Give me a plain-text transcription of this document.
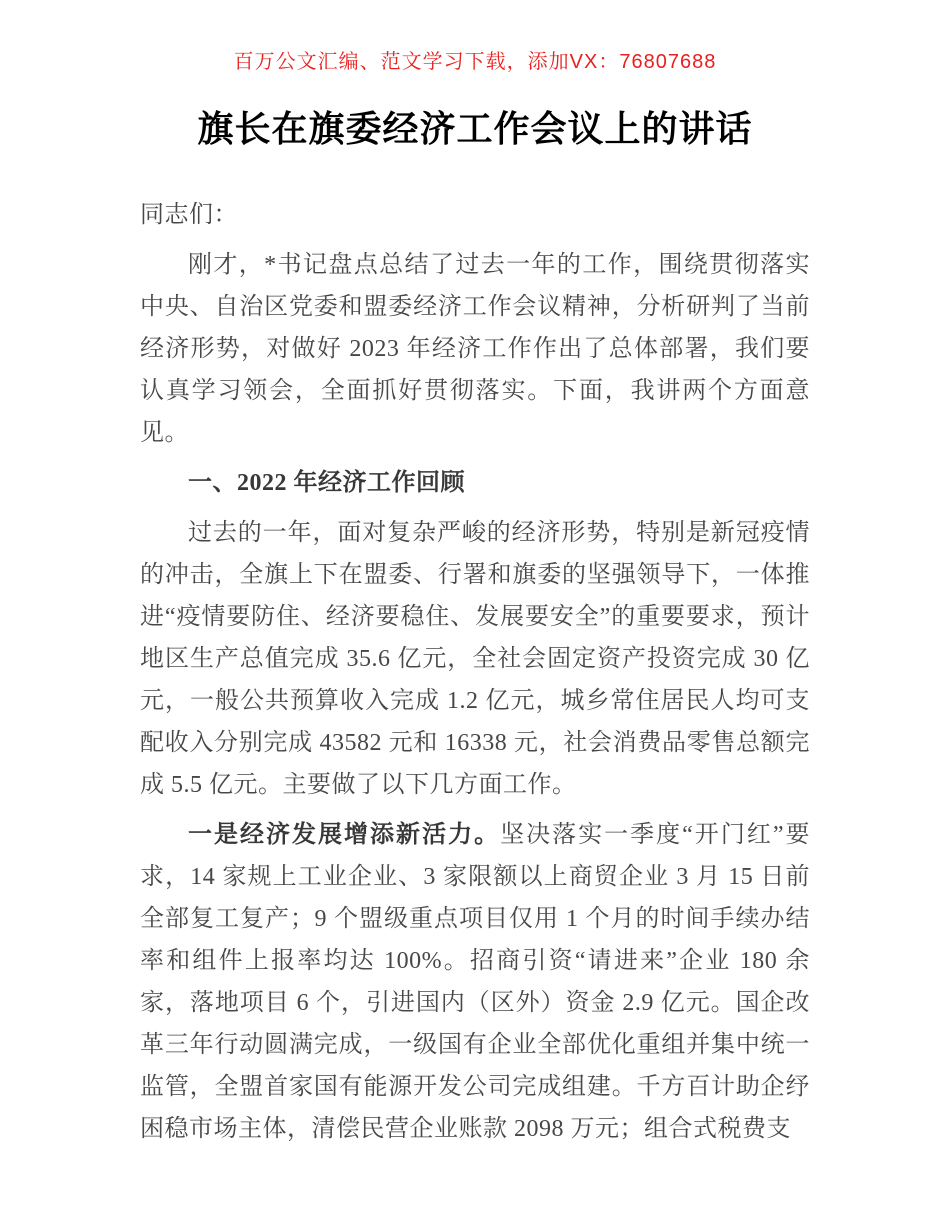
百万公文汇编、范文学习下载，添加VX：76807688
旗长在旗委经济工作会议上的讲话

同志们：

刚才，*书记盘点总结了过去一年的工作，围绕贯彻落实中央、自治区党委和盟委经济工作会议精神，分析研判了当前经济形势，对做好 2023 年经济工作作出了总体部署，我们要认真学习领会，全面抓好贯彻落实。下面，我讲两个方面意见。

一、2022 年经济工作回顾

过去的一年，面对复杂严峻的经济形势，特别是新冠疫情的冲击，全旗上下在盟委、行署和旗委的坚强领导下，一体推进“疫情要防住、经济要稳住、发展要安全”的重要要求，预计地区生产总值完成 35.6 亿元，全社会固定资产投资完成 30 亿元，一般公共预算收入完成 1.2 亿元，城乡常住居民人均可支配收入分别完成 43582 元和 16338 元，社会消费品零售总额完成 5.5 亿元。主要做了以下几方面工作。

一是经济发展增添新活力。坚决落实一季度“开门红”要求，14 家规上工业企业、3 家限额以上商贸企业 3 月 15 日前全部复工复产；9 个盟级重点项目仅用 1 个月的时间手续办结率和组件上报率均达 100%。招商引资“请进来”企业 180 余家，落地项目 6 个，引进国内（区外）资金 2.9 亿元。国企改革三年行动圆满完成，一级国有企业全部优化重组并集中统一监管，全盟首家国有能源开发公司完成组建。千方百计助企纾困稳市场主体，清偿民营企业账款 2098 万元；组合式税费支
